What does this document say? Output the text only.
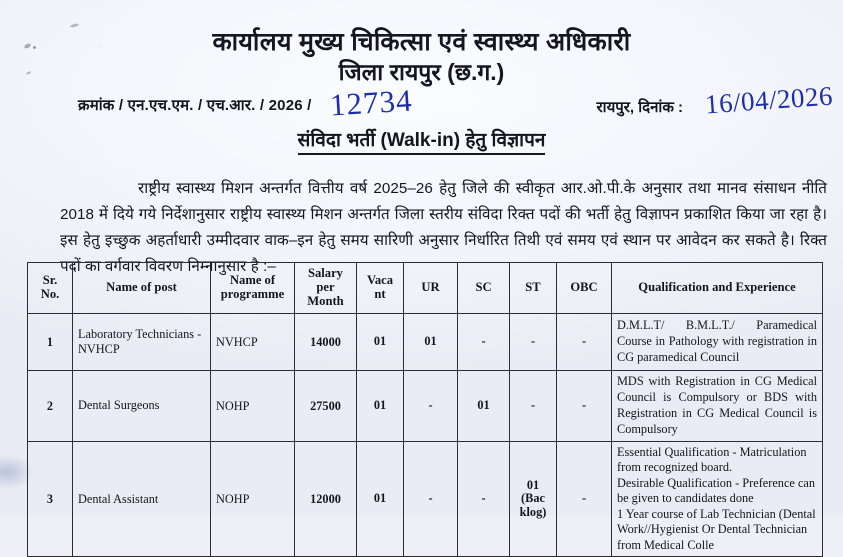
कार्यालय मुख्य चिकित्सा एवं स्वास्थ्य अधिकारी
जिला रायपुर (छ.ग.)
क्रमांक / एन.एच.एम. / एच.आर. / 2026 / 12734	रायपुर, दिनांक : 16/04/2026
संविदा भर्ती (Walk-in) हेतु विज्ञापन

राष्ट्रीय स्वास्थ्य मिशन अन्तर्गत वित्तीय वर्ष 2025–26 हेतु जिले की स्वीकृत आर.ओ.पी.के अनुसार तथा मानव संसाधन नीति 2018 में दिये गये निर्देशानुसार राष्ट्रीय स्वास्थ्य मिशन अन्तर्गत जिला स्तरीय संविदा रिक्त पदों की भर्ती हेतु विज्ञापन प्रकाशित किया जा रहा है। इस हेतु इच्छुक अहर्ताधारी उम्मीदवार वाक–इन हेतु समय सारिणी अनुसार निर्धारित तिथी एवं समय एवं स्थान पर आवेदन कर सकते है। रिक्त पदों का वर्गवार विवरण निम्नानुसार है :–

Sr. No.	Name of post	Name of programme	Salary per Month	Vaca nt	UR	SC	ST	OBC	Qualification and Experience
1	Laboratory Technicians - NVHCP	NVHCP	14000	01	01	-	-	-	D.M.L.T/ B.M.L.T./ Paramedical Course in Pathology with registration in CG paramedical Council
2	Dental Surgeons	NOHP	27500	01	-	01	-	-	MDS with Registration in CG Medical Council is Compulsory or BDS with Registration in CG Medical Council is Compulsory
3	Dental Assistant	NOHP	12000	01	-	-	01 (Bac klog)	-	Essential Qualification - Matriculation from recognized board.
Desirable Qualification - Preference can be given to candidates done
1 Year course of Lab Technician (Dental Work//Hygienist Or Dental Technician from Medical Colle
